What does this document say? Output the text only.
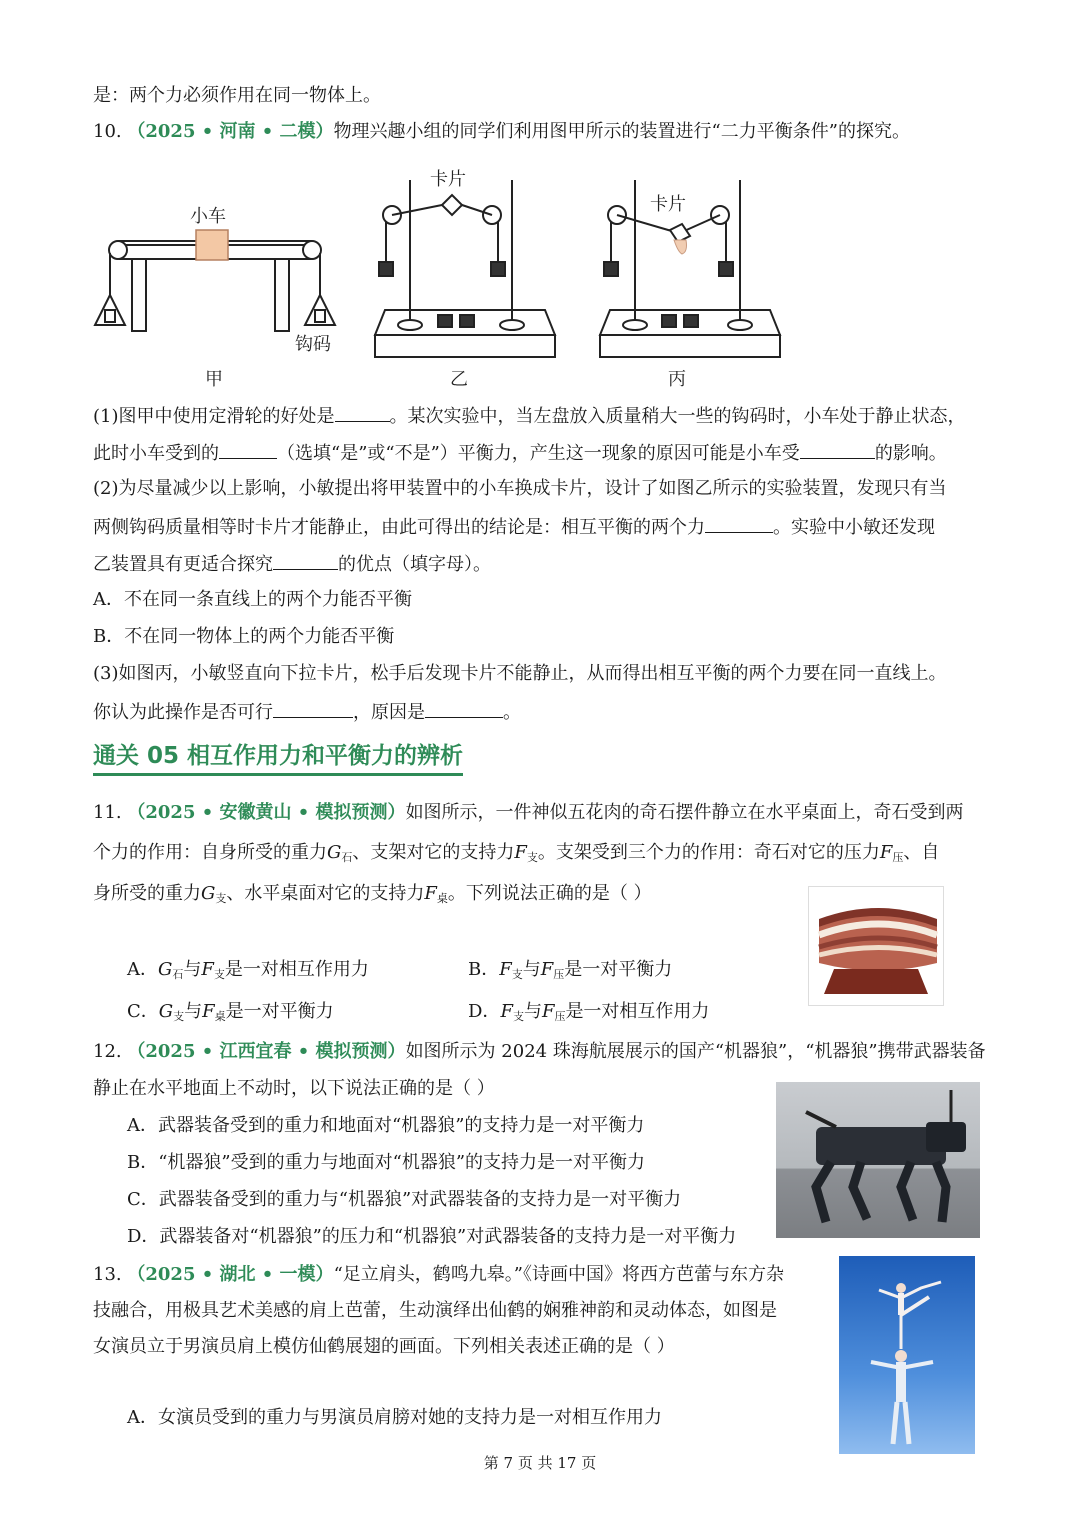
是：两个力必须作用在同一物体上。
10. （2025 • 河南 • 二模）物理兴趣小组的同学们利用图甲所示的装置进行“二力平衡条件”的探究。
小车
钩码
卡片
卡片
甲	乙	丙
(1)图甲中使用定滑轮的好处是	。某次实验中，当左盘放入质量稍大一些的钩码时，小车处于静止状态，
此时小车受到的	（选填“是”或“不是”）平衡力，产生这一现象的原因可能是小车受	的影响。
(2)为尽量减少以上影响，小敏提出将甲装置中的小车换成卡片，设计了如图乙所示的实验装置，发现只有当
两侧钩码质量相等时卡片才能静止，由此可得出的结论是：相互平衡的两个力	。实验中小敏还发现
乙装置具有更适合探究	的优点（填字母）。
A．不在同一条直线上的两个力能否平衡
B．不在同一物体上的两个力能否平衡
(3)如图丙，小敏竖直向下拉卡片，松手后发现卡片不能静止，从而得出相互平衡的两个力要在同一直线上。
你认为此操作是否可行	，原因是	。
通关 05 相互作用力和平衡力的辨析
11. （2025 • 安徽黄山 • 模拟预测）如图所示，一件神似五花肉的奇石摆件静立在水平桌面上，奇石受到两
个力的作用：自身所受的重力$G_石$、支架对它的支持力$F_支$。支架受到三个力的作用：奇石对它的压力$F_压$、自
身所受的重力$G_支$、水平桌面对它的支持力$F_桌$。下列说法正确的是（ ）
A．$G_石$与$F_支$是一对相互作用力	B．$F_支$与$F_压$是一对平衡力
C．$G_支$与$F_桌$是一对平衡力	D．$F_支$与$F_压$是一对相互作用力
12. （2025 • 江西宜春 • 模拟预测）如图所示为 2024 珠海航展展示的国产“机器狼”，“机器狼”携带武器装备
静止在水平地面上不动时，以下说法正确的是（ ）
A．武器装备受到的重力和地面对“机器狼”的支持力是一对平衡力
B．“机器狼”受到的重力与地面对“机器狼”的支持力是一对平衡力
C．武器装备受到的重力与“机器狼”对武器装备的支持力是一对平衡力
D．武器装备对“机器狼”的压力和“机器狼”对武器装备的支持力是一对平衡力
13. （2025 • 湖北 • 一模）“足立肩头，鹤鸣九皋。”《诗画中国》将西方芭蕾与东方杂
技融合，用极具艺术美感的肩上芭蕾，生动演绎出仙鹤的娴雅神韵和灵动体态，如图是
女演员立于男演员肩上模仿仙鹤展翅的画面。下列相关表述正确的是（ ）
A．女演员受到的重力与男演员肩膀对她的支持力是一对相互作用力
第 7 页 共 17 页
